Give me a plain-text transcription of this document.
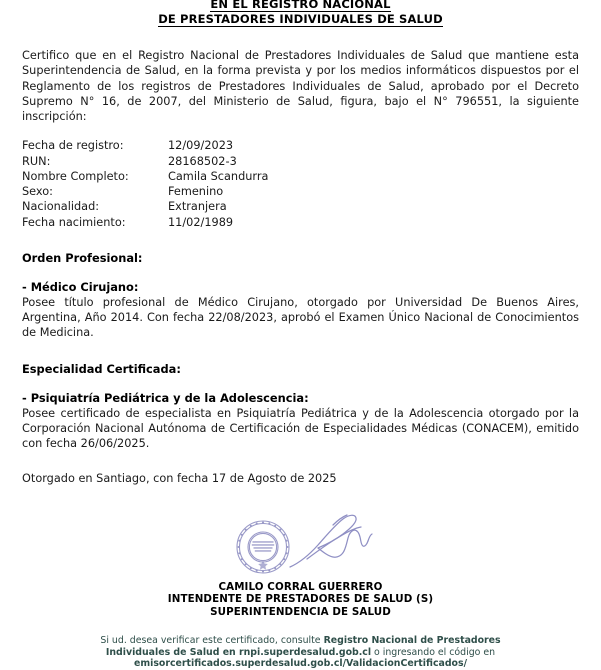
EN EL REGISTRO NACIONAL
DE PRESTADORES INDIVIDUALES DE SALUD
Certifico que en el Registro Nacional de Prestadores Individuales de Salud que mantiene esta Superintendencia de Salud, en la forma prevista y por los medios informáticos dispuestos por el Reglamento de los registros de Prestadores Individuales de Salud, aprobado por el Decreto Supremo N° 16, de 2007, del Ministerio de Salud, figura, bajo el N° 796551, la siguiente inscripción:
Fecha de registro:	12/09/2023
RUN:	28168502-3
Nombre Completo:	Camila Scandurra
Sexo:	Femenino
Nacionalidad:	Extranjera
Fecha nacimiento:	11/02/1989
Orden Profesional:
- Médico Cirujano:
Posee título profesional de Médico Cirujano, otorgado por Universidad De Buenos Aires, Argentina, Año 2014. Con fecha 22/08/2023, aprobó el Examen Único Nacional de Conocimientos de Medicina.
Especialidad Certificada:
- Psiquiatría Pediátrica y de la Adolescencia:
Posee certificado de especialista en Psiquiatría Pediátrica y de la Adolescencia otorgado por la Corporación Nacional Autónoma de Certificación de Especialidades Médicas (CONACEM), emitido con fecha 26/06/2025.
Otorgado en Santiago, con fecha 17 de Agosto de 2025
CAMILO CORRAL GUERRERO
INTENDENTE DE PRESTADORES DE SALUD (S)
SUPERINTENDENCIA DE SALUD

Si ud. desea verificar este certificado, consulte Registro Nacional de Prestadores

Individuales de Salud en rnpi.superdesalud.gob.cl o ingresando el código en

emisorcertificados.superdesalud.gob.cl/ValidacionCertificados/
